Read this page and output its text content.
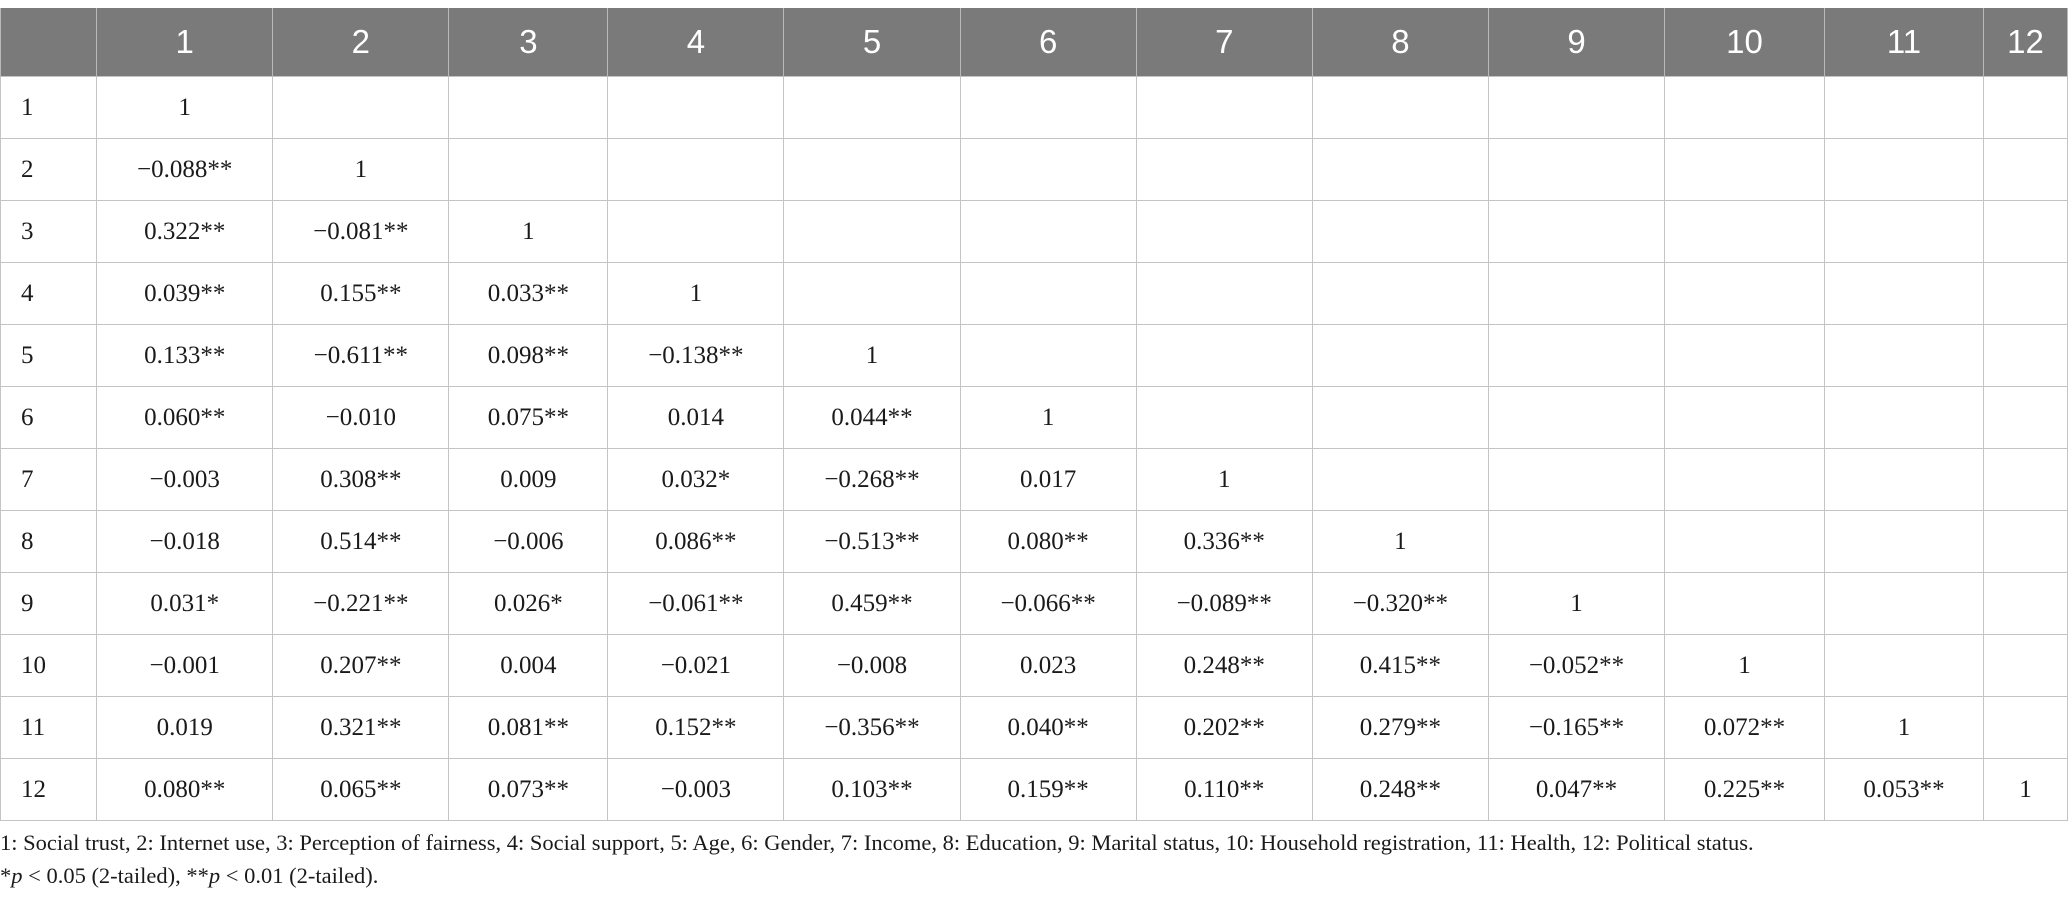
	1	2	3	4	5	6	7	8	9	10	11	12
1	1											
2	−0.088**	1										
3	0.322**	−0.081**	1									
4	0.039**	0.155**	0.033**	1								
5	0.133**	−0.611**	0.098**	−0.138**	1							
6	0.060**	−0.010	0.075**	0.014	0.044**	1						
7	−0.003	0.308**	0.009	0.032*	−0.268**	0.017	1					
8	−0.018	0.514**	−0.006	0.086**	−0.513**	0.080**	0.336**	1				
9	0.031*	−0.221**	0.026*	−0.061**	0.459**	−0.066**	−0.089**	−0.320**	1			
10	−0.001	0.207**	0.004	−0.021	−0.008	0.023	0.248**	0.415**	−0.052**	1		
11	0.019	0.321**	0.081**	0.152**	−0.356**	0.040**	0.202**	0.279**	−0.165**	0.072**	1	
12	0.080**	0.065**	0.073**	−0.003	0.103**	0.159**	0.110**	0.248**	0.047**	0.225**	0.053**	1
1: Social trust, 2: Internet use, 3: Perception of fairness, 4: Social support, 5: Age, 6: Gender, 7: Income, 8: Education, 9: Marital status, 10: Household registration, 11: Health, 12: Political status.
*p < 0.05 (2-tailed), **p < 0.01 (2-tailed).
